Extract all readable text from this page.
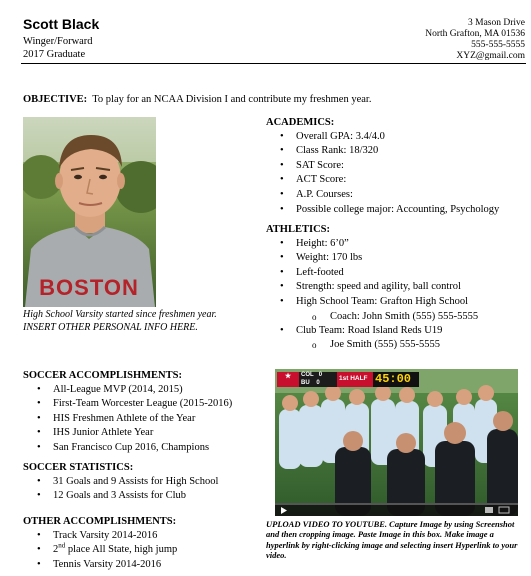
Scott Black
Winger/Forward
2017 Graduate
3 Mason Drive
North Grafton, MA 01536
555-555-5555
XYZ@gmail.com
OBJECTIVE: To play for an NCAA Division I and contribute my freshmen year.
BOSTON
High School Varsity started since freshmen year.
INSERT OTHER PERSONAL INFO HERE.
ACADEMICS:
• Overall GPA: 3.4/4.0
• Class Rank: 18/320
• SAT Score:
• ACT Score:
• A.P. Courses:
• Possible college major: Accounting, Psychology
ATHLETICS:
• Height: 6’0”
• Weight: 170 lbs
• Left-footed
• Strength: speed and agility, ball control
• High School Team: Grafton High School
o Coach: John Smith (555) 555-5555
• Club Team: Road Island Reds U19
o Joe Smith (555) 555-5555
SOCCER ACCOMPLISHMENTS:
• All-League MVP (2014, 2015)
• First-Team Worcester League (2015-2016)
• HIS Freshmen Athlete of the Year
• IHS Junior Athlete Year
• San Francisco Cup 2016, Champions
SOCCER STATISTICS:
• 31 Goals and 9 Assists for High School
• 12 Goals and 3 Assists for Club
OTHER ACCOMPLISHMENTS:
• Track Varsity 2014-2016
• 2nd place All State, high jump
• Tennis Varsity 2014-2016
★	COL 0
BU 0
1st HALF 45:00
UPLOAD VIDEO TO YOUTUBE. Capture Image by using Screenshot and then cropping image. Paste Image in this box. Make image a hyperlink by right-clicking image and selecting insert Hyperlink to your video.
